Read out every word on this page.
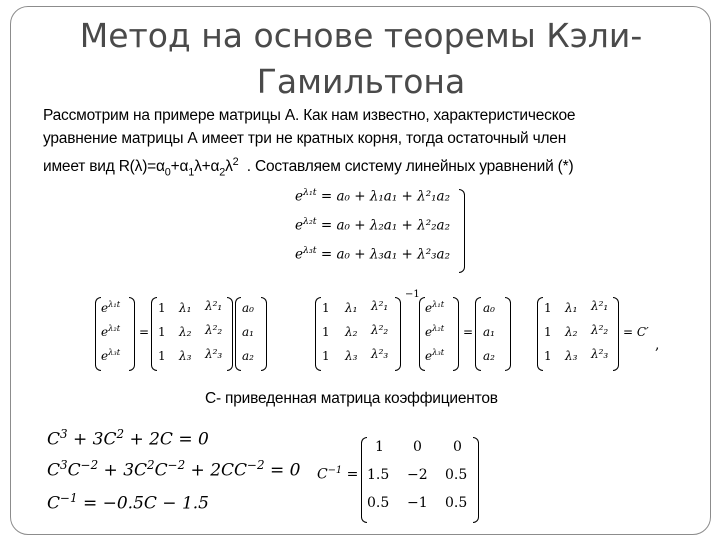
Метод на основе теоремы Кэли-
Гамильтона
Рассмотрим на примере матрицы А. Как нам известно, характеристическое
уравнение матрицы А имеет три не кратных корня, тогда остаточный член
имеет вид $R(\lambda)=\alpha_0+\alpha_1\lambda+\alpha_2\lambda^2$ . Составляем систему линейных уравнений (*)
$e^{\lambda_1t} = a_0 + \lambda_1a_1 + \lambda^2_1a_2$
$e^{\lambda_2t} = a_0 + \lambda_2a_1 + \lambda^2_2a_2$
$e^{\lambda_3t} = a_0 + \lambda_3a_1 + \lambda^2_3a_2$
$e^{\lambda_1t}$
$e^{\lambda_2t}$
$e^{\lambda_3t}$
=
1 λ₁ λ²₁
1 λ₂ λ²₂
1 λ₃ λ²₃
a₀
a₁
a₂
1 λ₁ λ²₁
1 λ₂ λ²₂
1 λ₃ λ²₃
−1
$e^{\lambda_1t}$
$e^{\lambda_2t}$
$e^{\lambda_3t}$
=
a₀
a₁
a₂
1 λ₁ λ²₁
1 λ₂ λ²₂
1 λ₃ λ²₃
= C′
,
С- приведенная матрица коэффициентов
$C^3 + 3C^2 + 2C = 0$
$C^3C^{-2} + 3C^2C^{-2} + 2CC^{-2} = 0$
$C^{-1} = -0.5C - 1.5$
$C^{-1}$ =
1 0 0
1.5 −2 0.5
0.5 −1 0.5
